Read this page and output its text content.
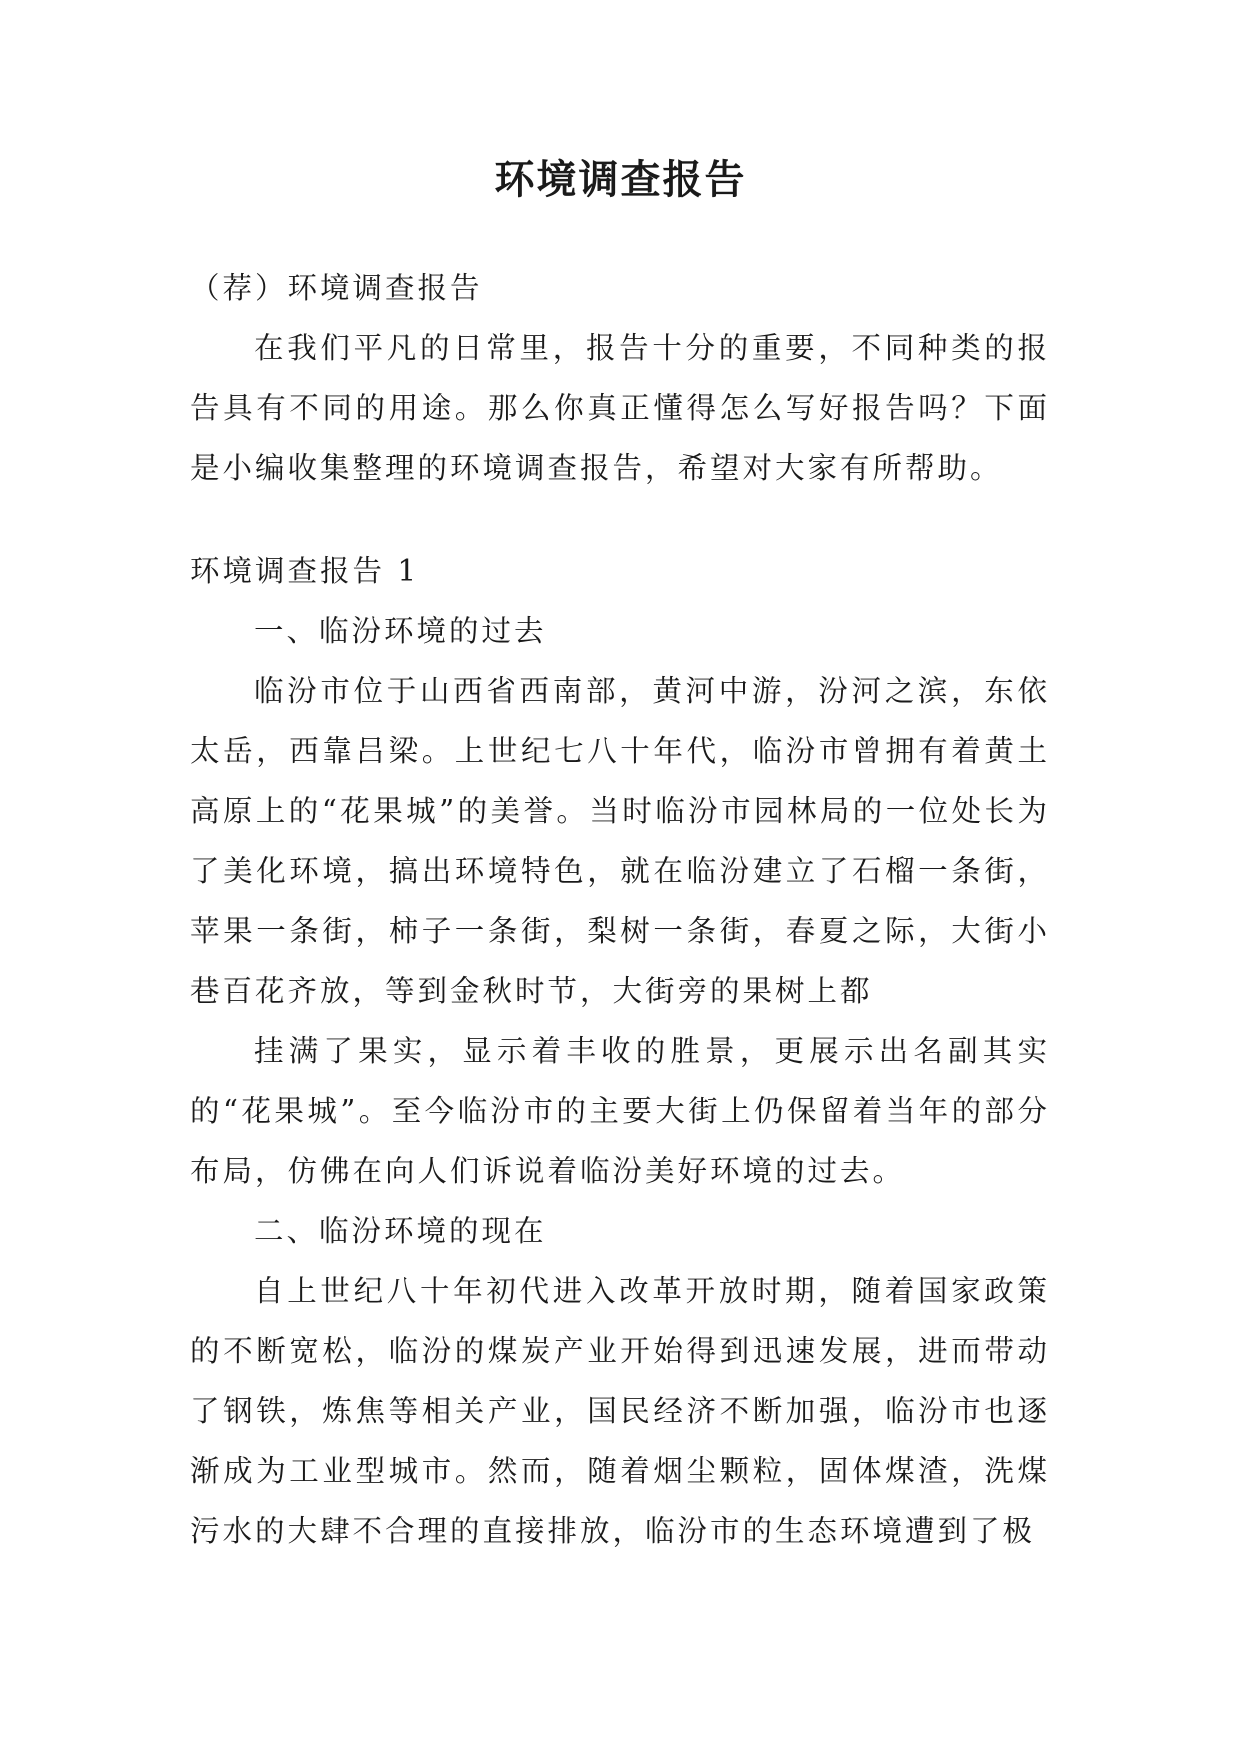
环境调查报告

（荐）环境调查报告

在我们平凡的日常里，报告十分的重要，不同种类的报告具有不同的用途。那么你真正懂得怎么写好报告吗？下面是小编收集整理的环境调查报告，希望对大家有所帮助。

环境调查报告 1

一、临汾环境的过去

临汾市位于山西省西南部，黄河中游，汾河之滨，东依太岳，西靠吕梁。上世纪七八十年代，临汾市曾拥有着黄土高原上的“花果城”的美誉。当时临汾市园林局的一位处长为了美化环境，搞出环境特色，就在临汾建立了石榴一条街，苹果一条街，柿子一条街，梨树一条街，春夏之际，大街小巷百花齐放，等到金秋时节，大街旁的果树上都

挂满了果实，显示着丰收的胜景，更展示出名副其实的“花果城”。至今临汾市的主要大街上仍保留着当年的部分布局，仿佛在向人们诉说着临汾美好环境的过去。

二、临汾环境的现在

自上世纪八十年初代进入改革开放时期，随着国家政策的不断宽松，临汾的煤炭产业开始得到迅速发展，进而带动了钢铁，炼焦等相关产业，国民经济不断加强，临汾市也逐渐成为工业型城市。然而，随着烟尘颗粒，固体煤渣，洗煤污水的大肆不合理的直接排放，临汾市的生态环境遭到了极
